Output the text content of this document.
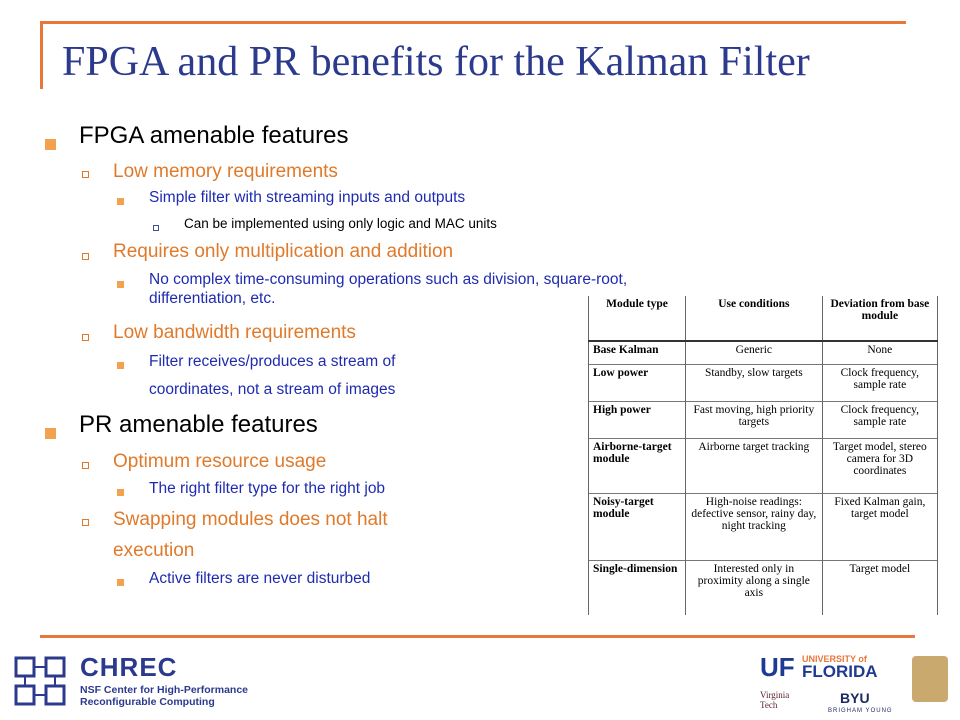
FPGA and PR benefits for the Kalman Filter
FPGA amenable features
Low memory requirements
Simple filter with streaming inputs and outputs
Can be implemented using only logic and MAC units
Requires only multiplication and addition
No complex time-consuming operations such as division, square-root,
differentiation, etc.
Low bandwidth requirements
Filter receives/produces a stream of
coordinates, not a stream of images
PR amenable features
Optimum resource usage
The right filter type for the right job
Swapping modules does not halt
execution
Active filters are never disturbed
Module type	Use conditions	Deviation from base module
Base Kalman	Generic	None
Low power	Standby, slow targets	Clock frequency, sample rate
High power	Fast moving, high priority targets	Clock frequency, sample rate
Airborne-target module	Airborne target tracking	Target model, stereo camera for 3D coordinates
Noisy-target module	High-noise readings: defective sensor, rainy day, night tracking	Fixed Kalman gain, target model
Single-dimension	Interested only in proximity along a single axis	Target model
CHREC
NSF Center for High-Performance
Reconfigurable Computing
UF UNIVERSITY of
FLORIDA
Virginia
Tech	BYU
BRIGHAM YOUNG
